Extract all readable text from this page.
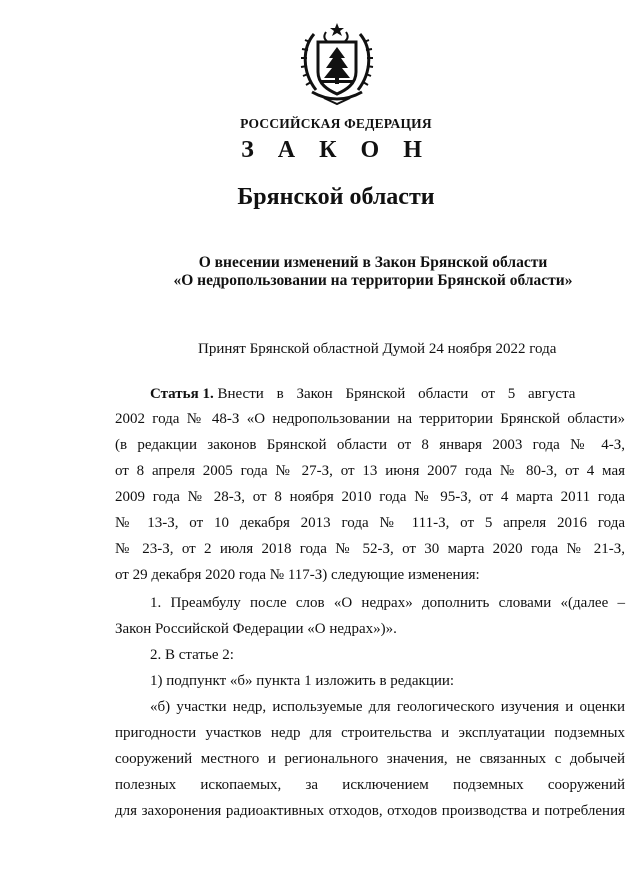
РОССИЙСКАЯ ФЕДЕРАЦИЯ
З А К О Н
Брянской области
О внесении изменений в Закон Брянской области
«О недропользовании на территории Брянской области»
Принят Брянской областной Думой 24 ноября 2022 года
Статья 1. Внести в Закон Брянской области от 5 августа
2002 года № 48-З «О недропользовании на территории Брянской области»
(в редакции законов Брянской области от 8 января 2003 года № 4-З,
от 8 апреля 2005 года № 27-З, от 13 июня 2007 года № 80-З, от 4 мая
2009 года № 28-З, от 8 ноября 2010 года № 95-З, от 4 марта 2011 года
№ 13-З, от 10 декабря 2013 года № 111-З, от 5 апреля 2016 года
№ 23-З, от 2 июля 2018 года № 52-З, от 30 марта 2020 года № 21-З,
от 29 декабря 2020 года № 117-З) следующие изменения:
1. Преамбулу после слов «О недрах» дополнить словами «(далее –
Закон Российской Федерации «О недрах»)».
2. В статье 2:
1) подпункт «б» пункта 1 изложить в редакции:
«б) участки недр, используемые для геологического изучения и оценки
пригодности участков недр для строительства и эксплуатации подземных
сооружений местного и регионального значения, не связанных с добычей
полезных ископаемых, за исключением подземных сооружений
для захоронения радиоактивных отходов, отходов производства и потребления
